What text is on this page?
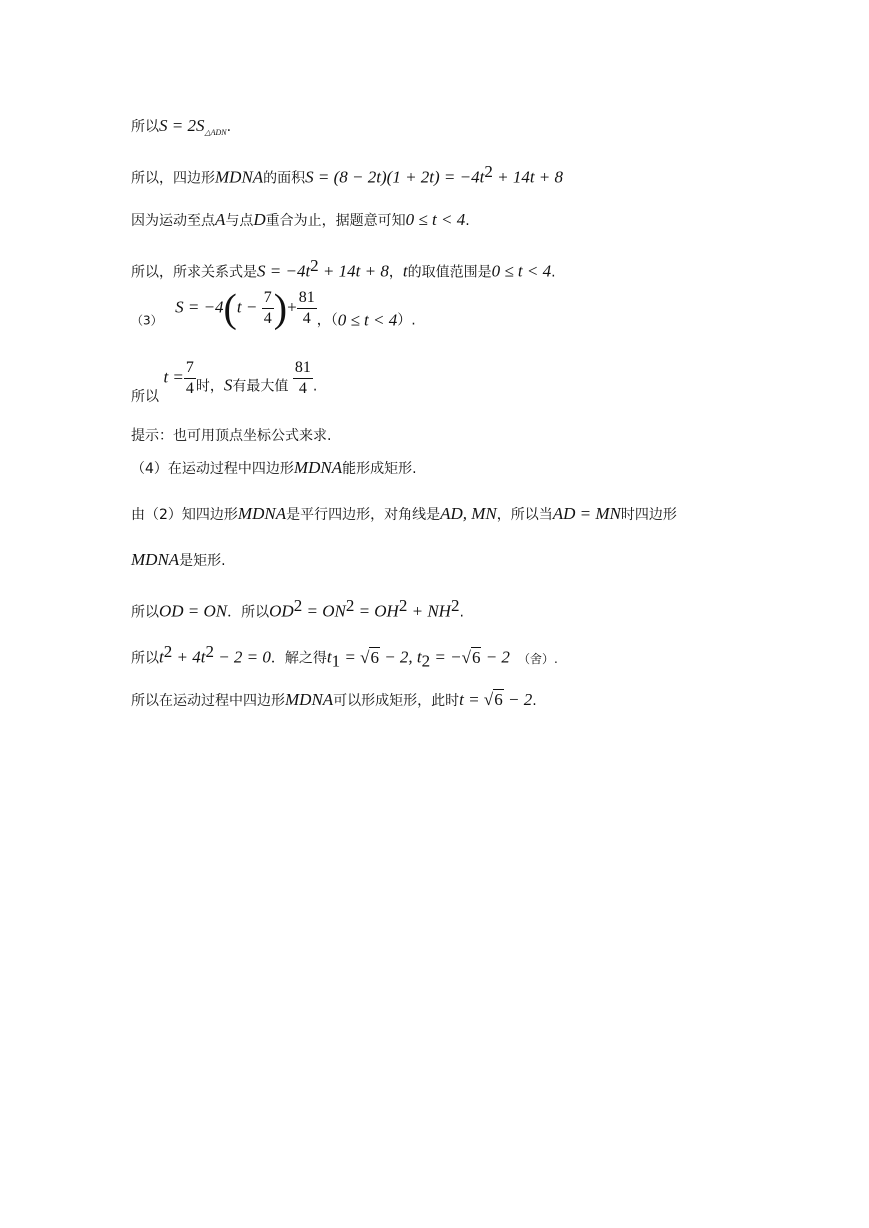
所以$S = 2S_{\triangle ADN}$.
所以，四边形MDNA的面积$S = (8 - 2t)(1 + 2t) = -4t^2 + 14t + 8$
因为运动至点A与点D重合为止，据题意可知0 ≤ t < 4.
所以，所求关系式是$S = -4t^2 + 14t + 8$，t的取值范围是0 ≤ t < 4.
（3） $S = -4(t - \frac{7}{4}$ )+ $\frac{81}{4}$ ，（0 ≤ t < 4）.
所以 $t = \frac{7}{4}$ 时，S有最大值 $\frac{81}{4}$ .
提示：也可用顶点坐标公式来求.
（4）在运动过程中四边形MDNA能形成矩形.
由（2）知四边形MDNA是平行四边形，对角线是AD, MN，所以当AD = MN时四边形
MDNA是矩形.
所以OD = ON．所以$OD^2 = ON^2 = OH^2 + NH^2$.
所以$t^2 + 4t^2 - 2 = 0$．解之得$t_1 = √6 - 2$, $t_2 = -√6 - 2$ （舍）.
所以在运动过程中四边形MDNA可以形成矩形，此时t = √6 − 2.
